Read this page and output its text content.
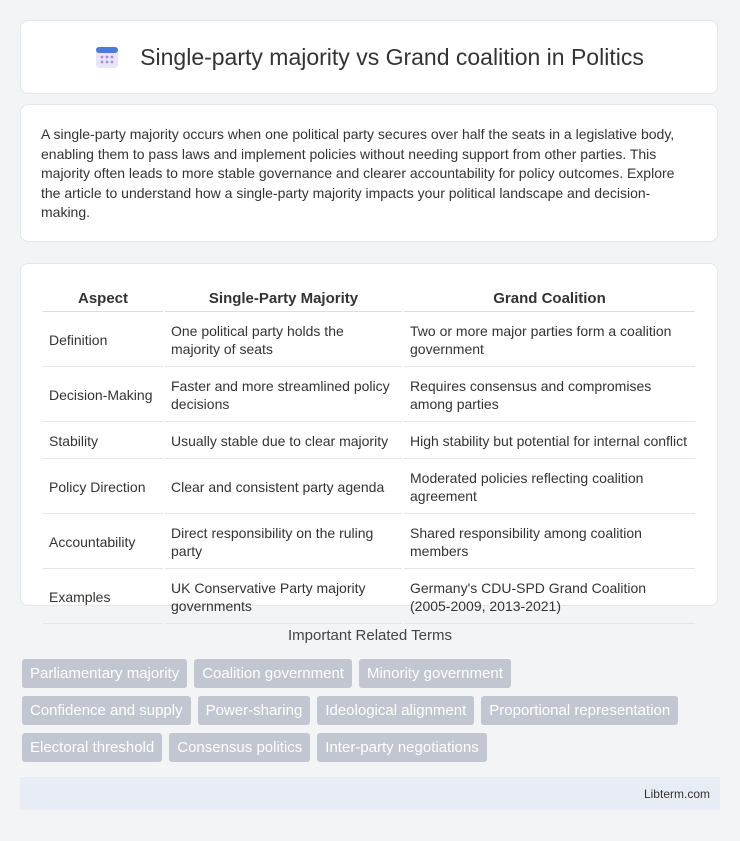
Single-party majority vs Grand coalition in Politics

A single-party majority occurs when one political party secures over half the seats in a legislative body, enabling them to pass laws and implement policies without needing support from other parties. This majority often leads to more stable governance and clearer accountability for policy outcomes. Explore the article to understand how a single-party majority impacts your political landscape and decision-making.

Aspect	Single-Party Majority	Grand Coalition
Definition	One political party holds the majority of seats	Two or more major parties form a coalition government
Decision-Making	Faster and more streamlined policy decisions	Requires consensus and compromises among parties
Stability	Usually stable due to clear majority	High stability but potential for internal conflict
Policy Direction	Clear and consistent party agenda	Moderated policies reflecting coalition agreement
Accountability	Direct responsibility on the ruling party	Shared responsibility among coalition members
Examples	UK Conservative Party majority governments	Germany's CDU-SPD Grand Coalition (2005-2009, 2013-2021)
Important Related Terms
Parliamentary majority	Coalition government	Minority government
Confidence and supply	Power-sharing	Ideological alignment	Proportional representation
Electoral threshold	Consensus politics	Inter-party negotiations
Libterm.com
